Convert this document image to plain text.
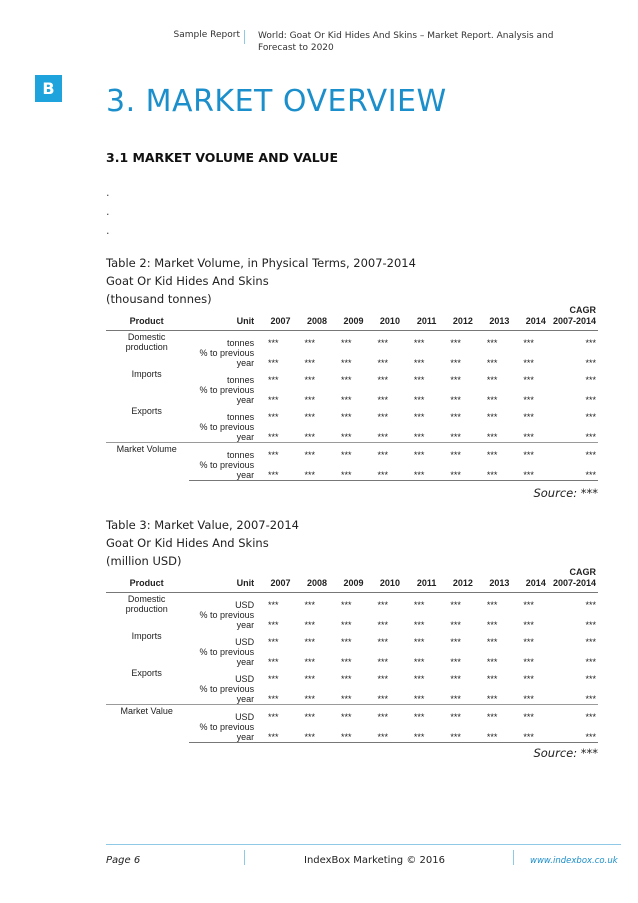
Sample Report World: Goat Or Kid Hides And Skins – Market Report. Analysis and Forecast to 2020
B 3. MARKET OVERVIEW
3.1 MARKET VOLUME AND VALUE
.
.
.
Table 2: Market Volume, in Physical Terms, 2007-2014
Goat Or Kid Hides And Skins
(thousand tonnes)
Product	Unit	2007	2008	2009	2010	2011	2012	2013	2014	CAGR 2007-2014
Domestic production	tonnes	***	***	***	***	***	***	***	***	***
	% to previous year	***	***	***	***	***	***	***	***	***
Imports	tonnes	***	***	***	***	***	***	***	***	***
	% to previous year	***	***	***	***	***	***	***	***	***
Exports	tonnes	***	***	***	***	***	***	***	***	***
	% to previous year	***	***	***	***	***	***	***	***	***
Market Volume	tonnes	***	***	***	***	***	***	***	***	***
	% to previous year	***	***	***	***	***	***	***	***	***
Source: ***
Table 3: Market Value, 2007-2014
Goat Or Kid Hides And Skins
(million USD)
Product	Unit	2007	2008	2009	2010	2011	2012	2013	2014	CAGR 2007-2014
Domestic production	USD	***	***	***	***	***	***	***	***	***
	% to previous year	***	***	***	***	***	***	***	***	***
Imports	USD	***	***	***	***	***	***	***	***	***
	% to previous year	***	***	***	***	***	***	***	***	***
Exports	USD	***	***	***	***	***	***	***	***	***
	% to previous year	***	***	***	***	***	***	***	***	***
Market Value	USD	***	***	***	***	***	***	***	***	***
	% to previous year	***	***	***	***	***	***	***	***	***
Source: ***
Page 6	IndexBox Marketing © 2016	www.indexbox.co.uk
